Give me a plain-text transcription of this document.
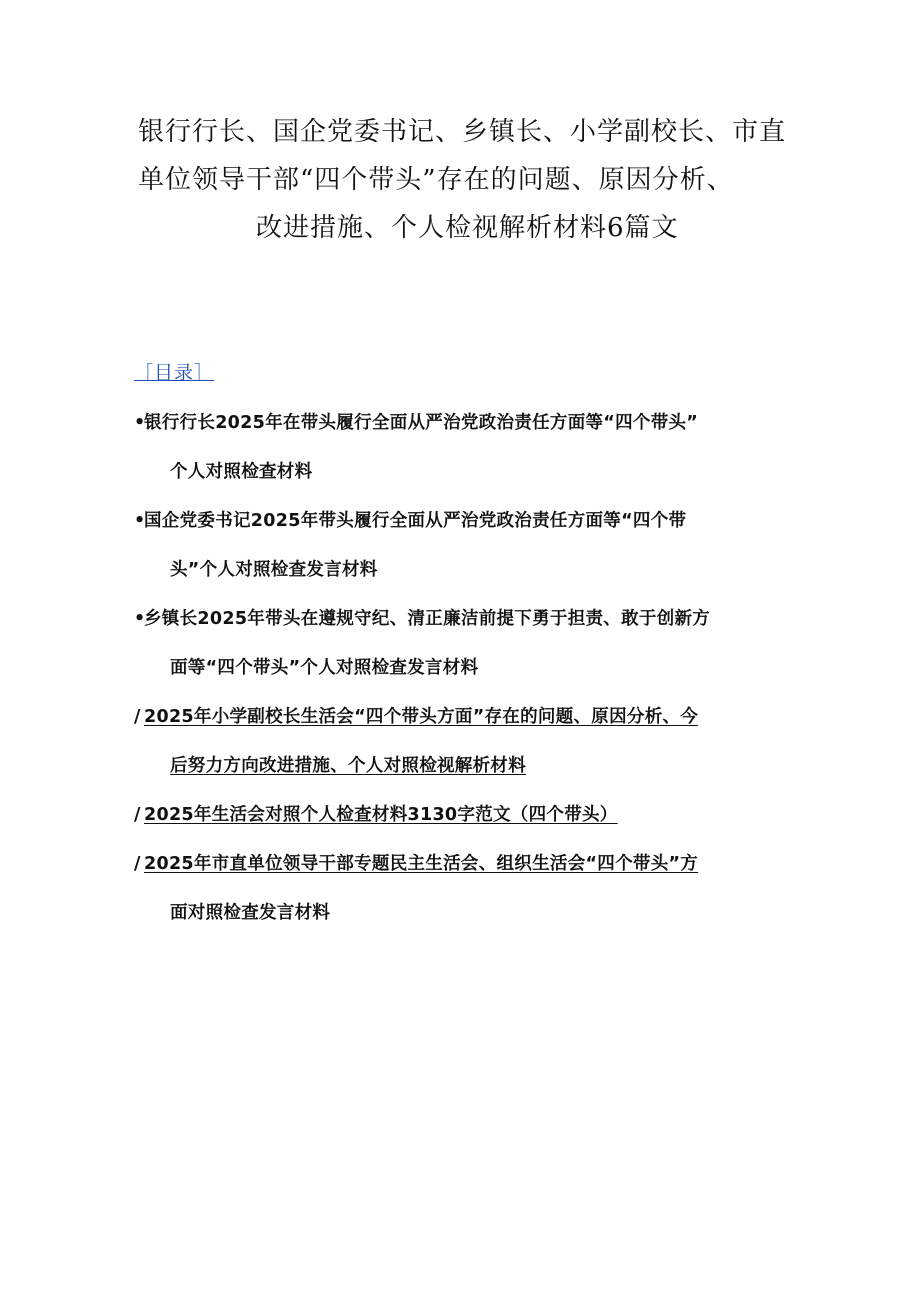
银行行长、国企党委书记、乡镇长、小学副校长、市直
单位领导干部“四个带头”存在的问题、原因分析、
改进措施、个人检视解析材料6篇文
［目录］
•银行行长2025年在带头履行全面从严治党政治责任方面等“四个带头”
个人对照检查材料
•国企党委书记2025年带头履行全面从严治党政治责任方面等“四个带
头”个人对照检查发言材料
•乡镇长2025年带头在遵规守纪、清正廉洁前提下勇于担责、敢于创新方
面等“四个带头”个人对照检查发言材料
/ 2025年小学副校长生活会“四个带头方面”存在的问题、原因分析、今
后努力方向改进措施、个人对照检视解析材料
/ 2025年生活会对照个人检查材料3130字范文（四个带头）
/ 2025年市直单位领导干部专题民主生活会、组织生活会“四个带头”方
面对照检查发言材料
